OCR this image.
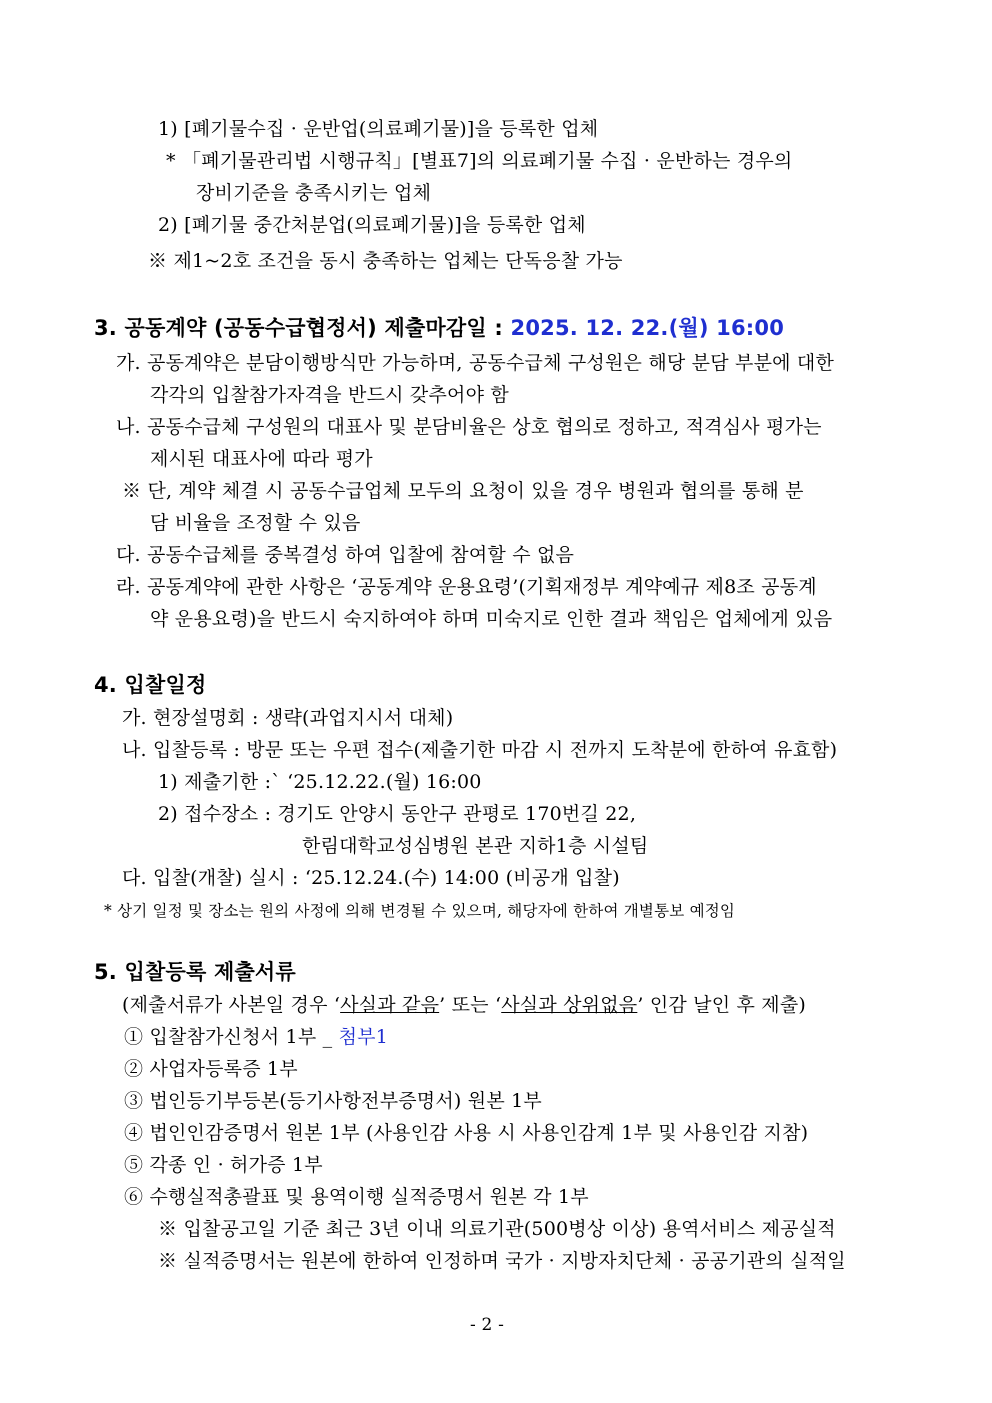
1) [폐기물수집 · 운반업(의료폐기물)]을 등록한 업체
* 「폐기물관리법 시행규칙」[별표7]의 의료폐기물 수집 · 운반하는 경우의
장비기준을 충족시키는 업체
2) [폐기물 중간처분업(의료폐기물)]을 등록한 업체
※ 제1~2호 조건을 동시 충족하는 업체는 단독응찰 가능
3. 공동계약 (공동수급협정서) 제출마감일 : 2025. 12. 22.(월) 16:00
가. 공동계약은 분담이행방식만 가능하며, 공동수급체 구성원은 해당 분담 부분에 대한
각각의 입찰참가자격을 반드시 갖추어야 함
나. 공동수급체 구성원의 대표사 및 분담비율은 상호 협의로 정하고, 적격심사 평가는
제시된 대표사에 따라 평가
※ 단, 계약 체결 시 공동수급업체 모두의 요청이 있을 경우 병원과 협의를 통해 분
담 비율을 조정할 수 있음
다. 공동수급체를 중복결성 하여 입찰에 참여할 수 없음
라. 공동계약에 관한 사항은 ‘공동계약 운용요령’(기획재정부 계약예규 제8조 공동계
약 운용요령)을 반드시 숙지하여야 하며 미숙지로 인한 결과 책임은 업체에게 있음
4. 입찰일정
가. 현장설명회 : 생략(과업지시서 대체)
나. 입찰등록 : 방문 또는 우편 접수(제출기한 마감 시 전까지 도착분에 한하여 유효함)
1) 제출기한 :` ‘25.12.22.(월) 16:00
2) 접수장소 : 경기도 안양시 동안구 관평로 170번길 22,
한림대학교성심병원 본관 지하1층 시설팀
다. 입찰(개찰) 실시 : ‘25.12.24.(수) 14:00 (비공개 입찰)
* 상기 일정 및 장소는 원의 사정에 의해 변경될 수 있으며, 해당자에 한하여 개별통보 예정임
5. 입찰등록 제출서류
(제출서류가 사본일 경우 ‘사실과 같음’ 또는 ‘사실과 상위없음’ 인감 날인 후 제출)
① 입찰참가신청서 1부 _ 첨부1
② 사업자등록증 1부
③ 법인등기부등본(등기사항전부증명서) 원본 1부
④ 법인인감증명서 원본 1부 (사용인감 사용 시 사용인감계 1부 및 사용인감 지참)
⑤ 각종 인 · 허가증 1부
⑥ 수행실적총괄표 및 용역이행 실적증명서 원본 각 1부
※ 입찰공고일 기준 최근 3년 이내 의료기관(500병상 이상) 용역서비스 제공실적
※ 실적증명서는 원본에 한하여 인정하며 국가 · 지방자치단체 · 공공기관의 실적일
- 2 -
